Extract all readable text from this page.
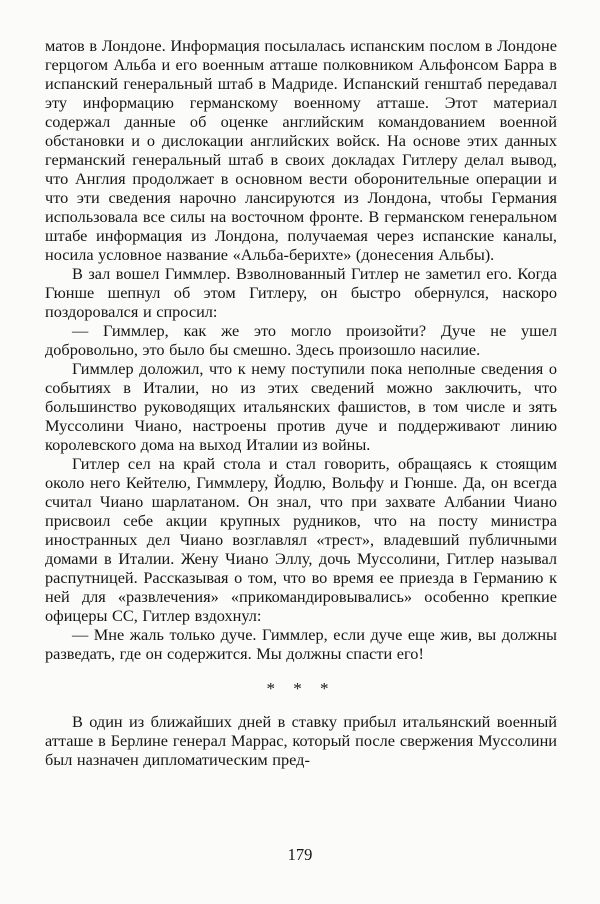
матов в Лондоне. Информация посылалась испанским послом в Лондоне герцогом Альба и его военным атташе полковником Альфонсом Барра в испанский генеральный штаб в Мадриде. Испанский генштаб передавал эту информацию германскому военному атташе. Этот материал содержал данные об оценке английским командованием военной обстановки и о дислокации английских войск. На основе этих данных германский генеральный штаб в своих докладах Гитлеру делал вывод, что Англия продолжает в основном вести оборонительные операции и что эти сведения нарочно лансируются из Лондона, чтобы Германия использовала все силы на восточном фронте. В германском генеральном штабе информация из Лондона, получаемая через испанские каналы, носила условное название «Альба-берихте» (донесения Альбы).

В зал вошел Гиммлер. Взволнованный Гитлер не заметил его. Когда Гюнше шепнул об этом Гитлеру, он быстро обернулся, наскоро поздоровался и спросил:

— Гиммлер, как же это могло произойти? Дуче не ушел добровольно, это было бы смешно. Здесь произошло насилие.

Гиммлер доложил, что к нему поступили пока неполные сведения о событиях в Италии, но из этих сведений можно заключить, что большинство руководящих итальянских фашистов, в том числе и зять Муссолини Чиано, настроены против дуче и поддерживают линию королевского дома на выход Италии из войны.

Гитлер сел на край стола и стал говорить, обращаясь к стоящим около него Кейтелю, Гиммлеру, Йодлю, Вольфу и Гюнше. Да, он всегда считал Чиано шарлатаном. Он знал, что при захвате Албании Чиано присвоил себе акции крупных рудников, что на посту министра иностранных дел Чиано возглавлял «трест», владевший публичными домами в Италии. Жену Чиано Эллу, дочь Муссолини, Гитлер называл распутницей. Рассказывая о том, что во время ее приезда в Германию к ней для «развлечения» «прикомандировывались» особенно крепкие офицеры СС, Гитлер вздохнул:

— Мне жаль только дуче. Гиммлер, если дуче еще жив, вы должны разведать, где он содержится. Мы должны спасти его!

* * *

В один из ближайших дней в ставку прибыл итальянский военный атташе в Берлине генерал Маррас, который после свержения Муссолини был назначен дипломатическим пред-

179
